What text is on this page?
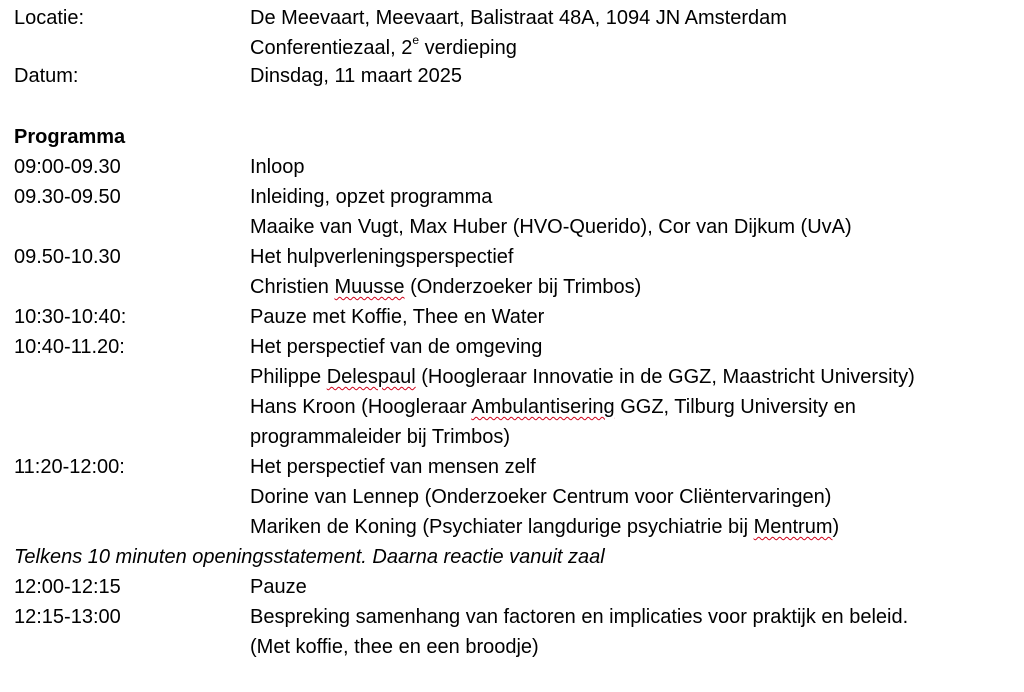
Locatie:	De Meevaart, Meevaart, Balistraat 48A, 1094 JN Amsterdam
Conferentiezaal, 2e verdieping
Datum:	Dinsdag, 11 maart 2025
Programma
09:00-09.30	Inloop
09.30-09.50	Inleiding, opzet programma
Maaike van Vugt, Max Huber (HVO-Querido), Cor van Dijkum (UvA)
09.50-10.30	Het hulpverleningsperspectief
Christien Muusse (Onderzoeker bij Trimbos)
10:30-10:40:	Pauze met Koffie, Thee en Water
10:40-11.20:	Het perspectief van de omgeving
Philippe Delespaul (Hoogleraar Innovatie in de GGZ, Maastricht University)
Hans Kroon (Hoogleraar Ambulantisering GGZ, Tilburg University en
programmaleider bij Trimbos)
11:20-12:00:	Het perspectief van mensen zelf
Dorine van Lennep (Onderzoeker Centrum voor Cliëntervaringen)
Mariken de Koning (Psychiater langdurige psychiatrie bij Mentrum)
Telkens 10 minuten openingsstatement. Daarna reactie vanuit zaal
12:00-12:15	Pauze
12:15-13:00	Bespreking samenhang van factoren en implicaties voor praktijk en beleid.
(Met koffie, thee en een broodje)
